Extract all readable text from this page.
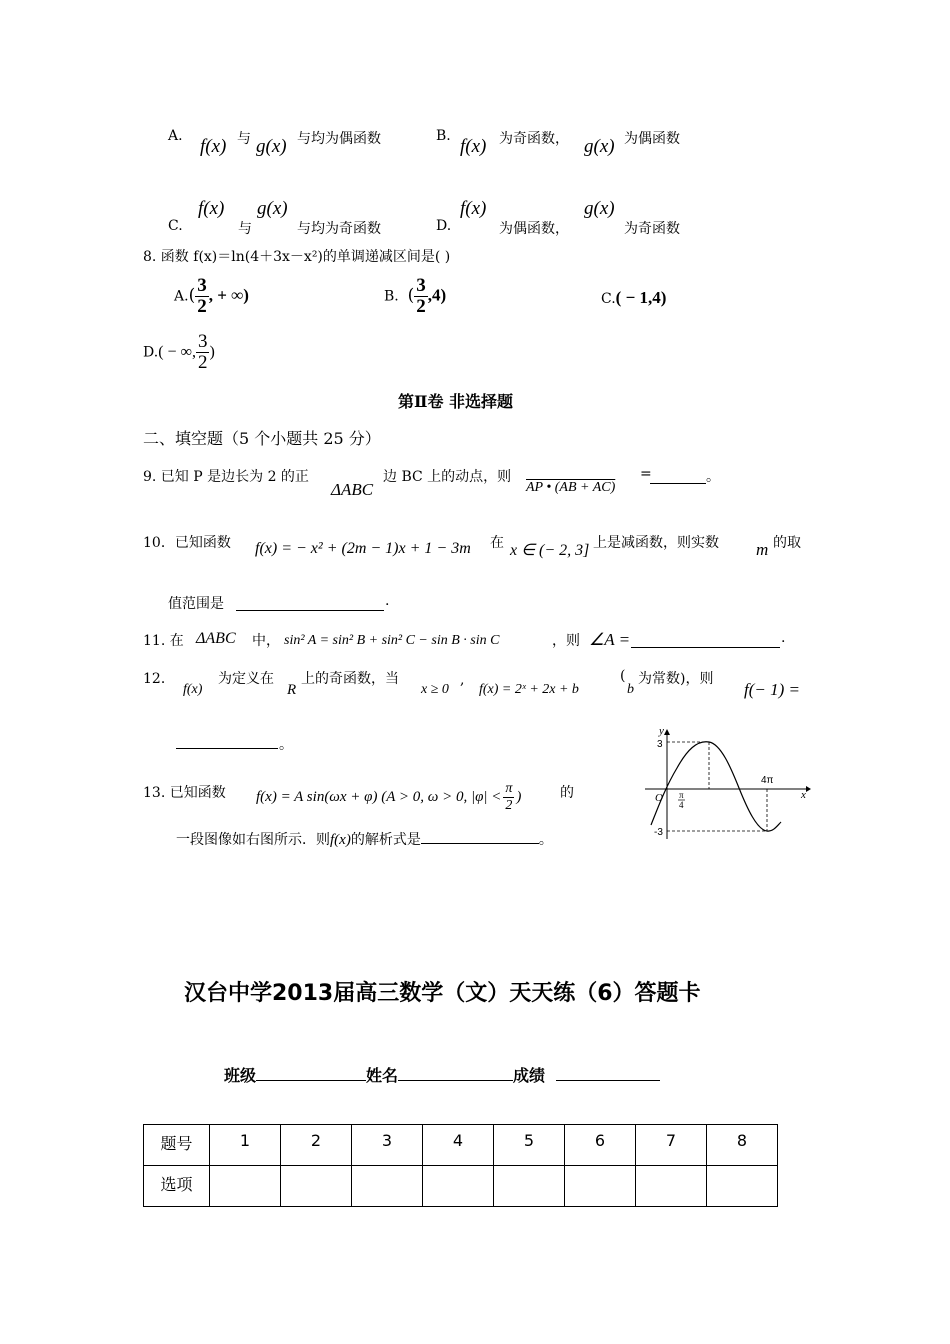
A. f(x) 与 g(x) 与均为偶函数	B. f(x) 为奇函数， g(x) 为偶函数
f(x) g(x)
C.	与	与均为奇函数
f(x)	g(x)
D.	为偶函数，	为奇函数
8. 函数 f(x)＝ln(4＋3x－x²)的单调递减区间是( )
$A.( \frac{3}{2}$ , + ∞)	B. ( $\frac{3}{2} ,4$)	C.( − 1,4)
D.( − ∞, $\frac{3}{2}$ )
第Ⅱ卷 非选择题
二、填空题（5 个小题共 25 分）
9. 已知 P 是边长为 2 的正
ΔABC
边 BC 上的动点，则
AP • (AB + AC)
=	。
10．已知函数 f(x) = − x² + (2m − 1)x + 1 − 3m 在 x ∈ (− 2, 3] 上是减函数，则实数 m 的取
值范围是	.
11. 在 ΔABC 中， sin² A = sin² B + sin² C − sin B · sin C	，则 ∠A =	.
12．
f(x)
为定义在
R
上的奇函数，当
x ≥ 0
,
f(x) = 2ˣ + 2x + b
(
b
为常数)，则
f(− 1) =
。
13. 已知函数 f(x) = A sin(ωx + φ) (A > 0, ω > 0, $|\varphi| < \frac{\pi}{2}$ )	的
一段图像如右图所示．则f(x)的解析式是	。
y
x
O
3
-3
π
4
4π
汉台中学2013届高三数学（文）天天练（6）答题卡
班级	姓名	成绩
题号	1	2	3	4	5	6	7	8
选项								
